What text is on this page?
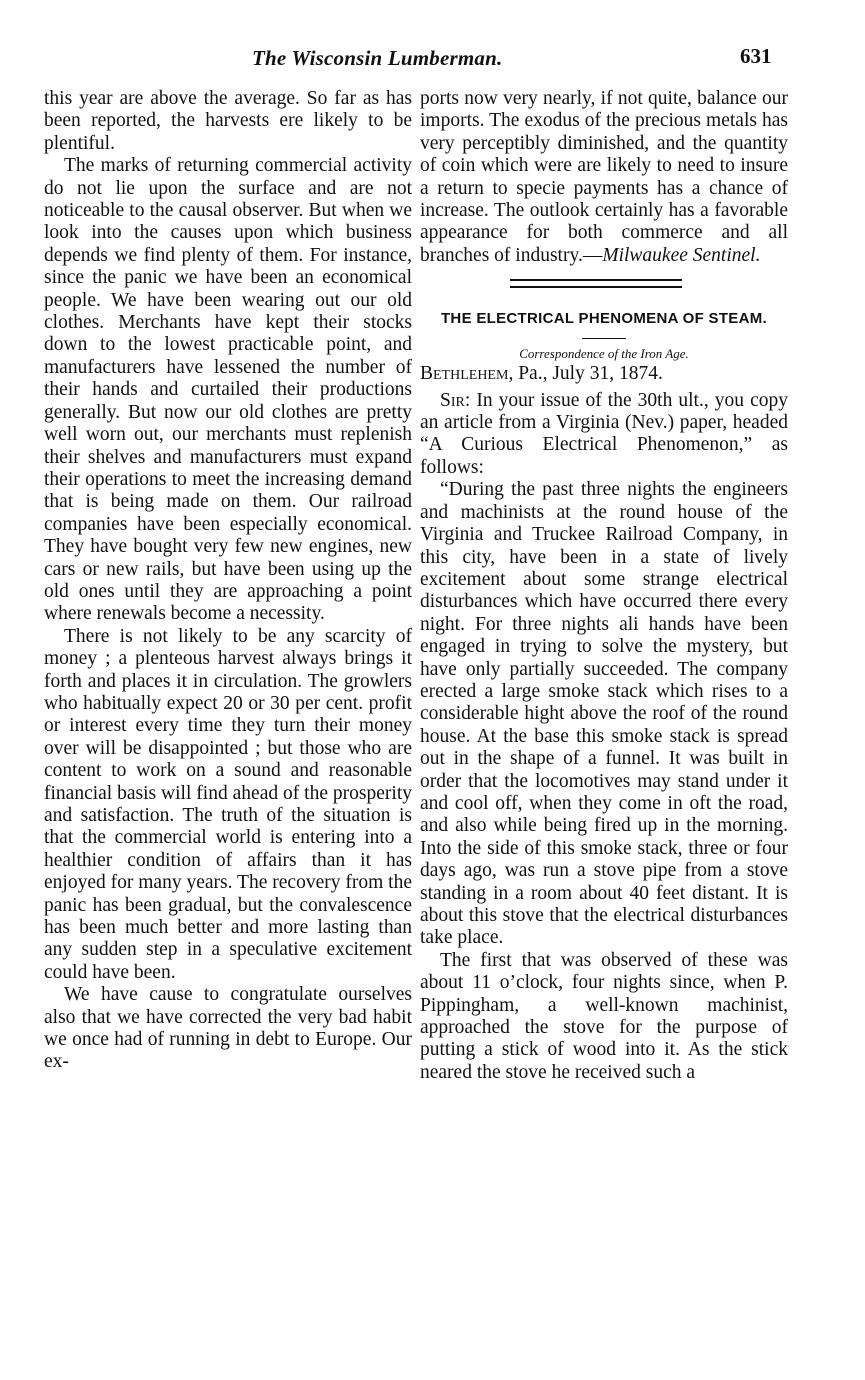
The Wisconsin Lumberman.	631

this year are above the average. So far as has been reported, the harvests ere likely to be plentiful.

The marks of returning commercial activity do not lie upon the surface and are not noticeable to the causal observer. But when we look into the causes upon which business depends we find plenty of them. For instance, since the panic we have been an economical people. We have been wearing out our old clothes. Merchants have kept their stocks down to the lowest practicable point, and manufacturers have lessened the number of their hands and curtailed their productions generally. But now our old clothes are pretty well worn out, our merchants must replenish their shelves and manufacturers must expand their operations to meet the increasing demand that is being made on them. Our railroad companies have been especially economical. They have bought very few new engines, new cars or new rails, but have been using up the old ones until they are approaching a point where renewals become a necessity.

There is not likely to be any scarcity of money ; a plenteous harvest always brings it forth and places it in circulation. The growlers who habitually expect 20 or 30 per cent. profit or interest every time they turn their money over will be disappointed ; but those who are content to work on a sound and reasonable financial basis will find ahead of the prosperity and satisfaction. The truth of the situation is that the commercial world is entering into a healthier condition of affairs than it has enjoyed for many years. The recovery from the panic has been gradual, but the convalescence has been much better and more lasting than any sudden step in a speculative excitement could have been.

We have cause to congratulate ourselves also that we have corrected the very bad habit we once had of running in debt to Europe. Our ex-

ports now very nearly, if not quite, balance our imports. The exodus of the precious metals has very perceptibly diminished, and the quantity of coin which were are likely to need to insure a return to specie payments has a chance of increase. The outlook certainly has a favorable appearance for both commerce and all branches of industry.—Milwaukee Sentinel.

THE ELECTRICAL PHENOMENA OF STEAM.
Correspondence of the Iron Age.

Bethlehem, Pa., July 31, 1874.

Sir: In your issue of the 30th ult., you copy an article from a Virginia (Nev.) paper, headed “A Curious Electrical Phenomenon,” as follows:

“During the past three nights the engineers and machinists at the round house of the Virginia and Truckee Railroad Company, in this city, have been in a state of lively excitement about some strange electrical disturbances which have occurred there every night. For three nights ali hands have been engaged in trying to solve the mystery, but have only partially succeeded. The company erected a large smoke stack which rises to a considerable hight above the roof of the round house. At the base this smoke stack is spread out in the shape of a funnel. It was built in order that the locomotives may stand under it and cool off, when they come in oft the road, and also while being fired up in the morning. Into the side of this smoke stack, three or four days ago, was run a stove pipe from a stove standing in a room about 40 feet distant. It is about this stove that the electrical disturbances take place.

The first that was observed of these was about 11 o’clock, four nights since, when P. Pippingham, a well-known machinist, approached the stove for the purpose of putting a stick of wood into it. As the stick neared the stove he received such a
